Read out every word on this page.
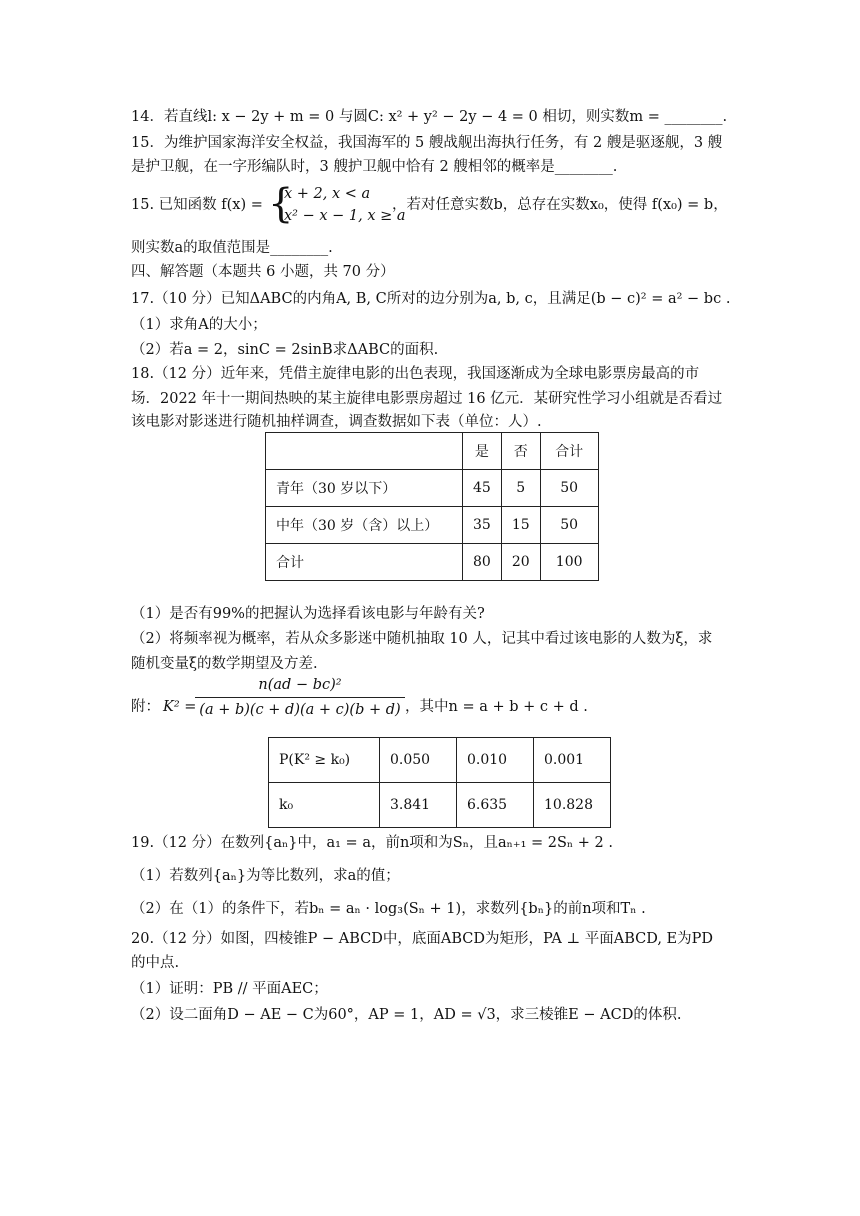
14．若直线l: x − 2y + m = 0 与圆C: x² + y² − 2y − 4 = 0 相切，则实数m = ________.
15．为维护国家海洋安全权益，我国海军的 5 艘战舰出海执行任务，有 2 艘是驱逐舰，3 艘
是护卫舰，在一字形编队时，3 艘护卫舰中恰有 2 艘相邻的概率是________.
15. 已知函数 f(x) = {
x + 2, x < a
x² − x − 1, x ≥ a
，若对任意实数b，总存在实数x₀，使得 f(x₀) = b，
则实数a的取值范围是________.
四、解答题（本题共 6 小题，共 70 分）
17.（10 分）已知ΔABC的内角A, B, C所对的边分别为a, b, c，且满足(b − c)² = a² − bc .
（1）求角A的大小；
（2）若a = 2，sinC = 2sinB求ΔABC的面积.
18.（12 分）近年来，凭借主旋律电影的出色表现，我国逐渐成为全球电影票房最高的市
场．2022 年十一期间热映的某主旋律电影票房超过 16 亿元．某研究性学习小组就是否看过
该电影对影迷进行随机抽样调查，调查数据如下表（单位：人）.
	是	否	合计
青年（30 岁以下）	45	5	50
中年（30 岁（含）以上）	35	15	50
合计	80	20	100
（1）是否有99%的把握认为选择看该电影与年龄有关?
（2）将频率视为概率，若从众多影迷中随机抽取 10 人，记其中看过该电影的人数为ξ，求
随机变量ξ的数学期望及方差.
附： K² =
n(ad − bc)²
(a + b)(c + d)(a + c)(b + d) ，其中n = a + b + c + d .
P(K² ≥ k₀)	0.050	0.010	0.001
k₀	3.841	6.635	10.828
19.（12 分）在数列{aₙ}中，a₁ = a，前n项和为Sₙ，且aₙ₊₁ = 2Sₙ + 2 .
（1）若数列{aₙ}为等比数列，求a的值；
（2）在（1）的条件下，若bₙ = aₙ · log₃(Sₙ + 1)，求数列{bₙ}的前n项和Tₙ .
20.（12 分）如图，四棱锥P − ABCD中，底面ABCD为矩形，PA ⊥ 平面ABCD, E为PD
的中点.
（1）证明：PB // 平面AEC；
（2）设二面角D − AE − C为60°，AP = 1，AD = √3，求三棱锥E − ACD的体积.
